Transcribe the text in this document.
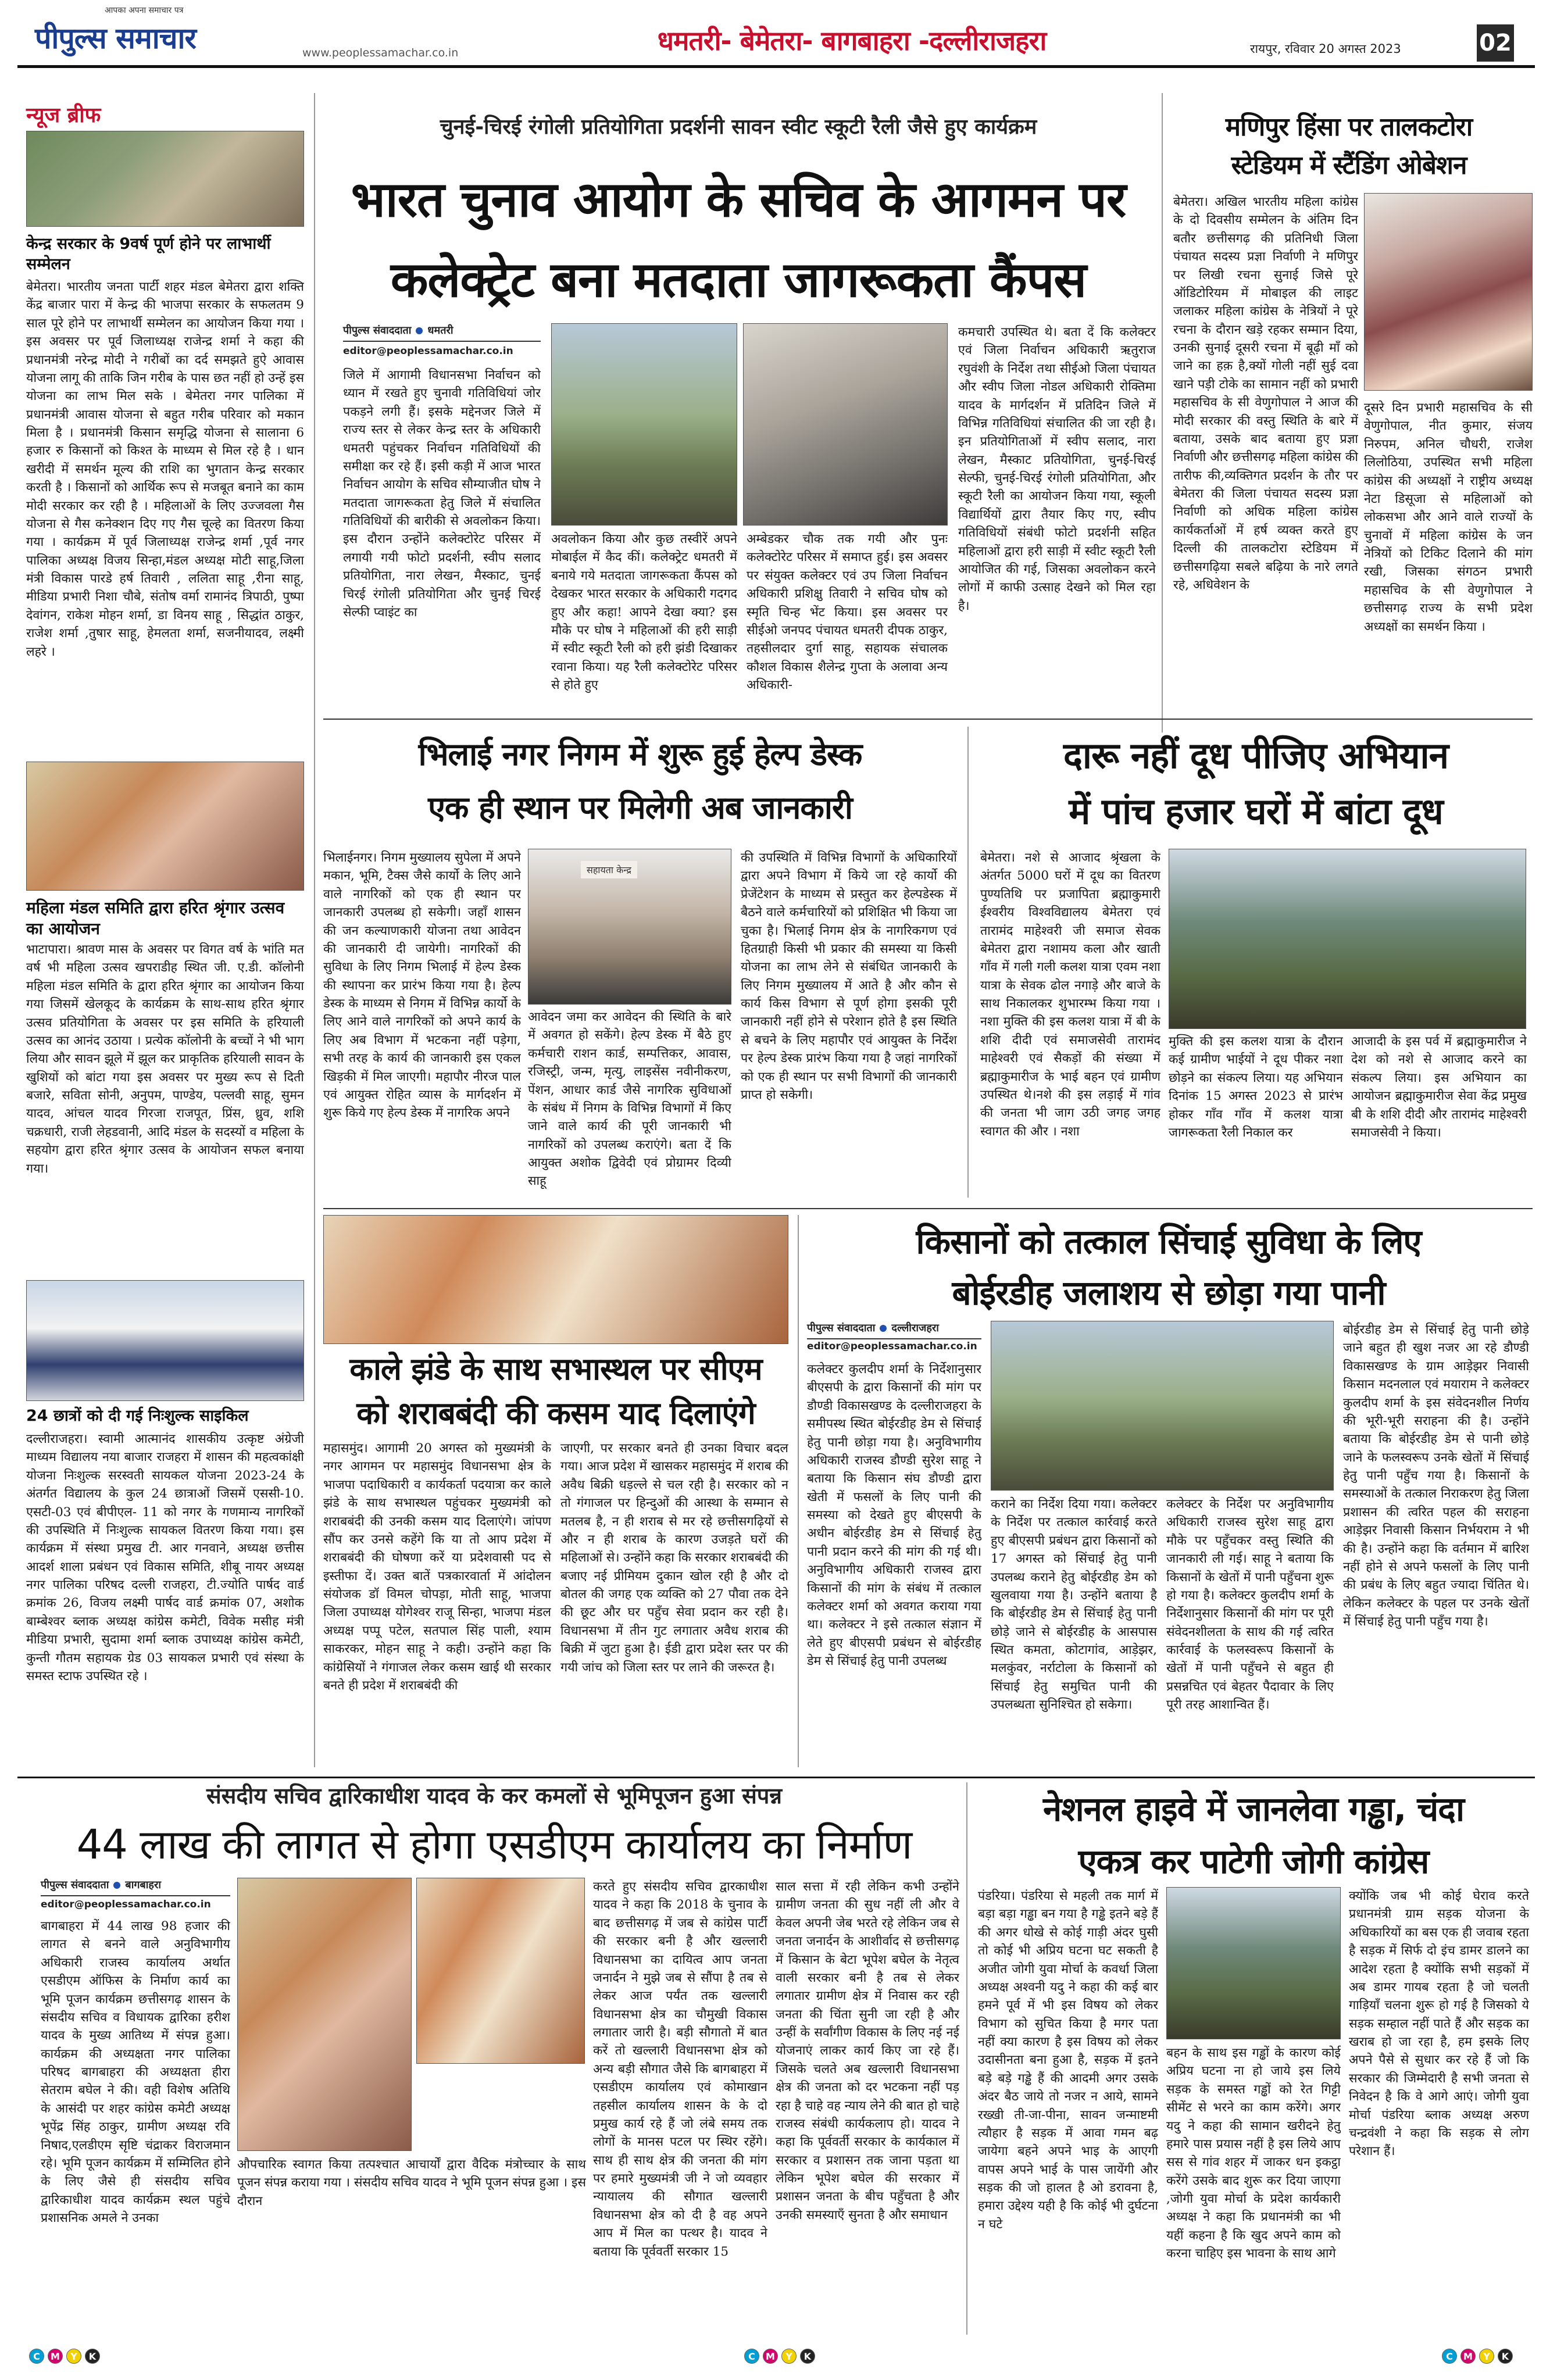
आपका अपना समाचार पत्र
पीपुल्स समाचार	www.peoplessamachar.co.in	धमतरी- बेमेतरा- बागबाहरा -दल्लीराजहरा	रायपुर, रविवार 20 अगस्त 2023	02
न्यूज ब्रीफ
केन्द्र सरकार के 9वर्ष पूर्ण होने पर लाभार्थी सम्मेलन
बेमेतरा। भारतीय जनता पार्टी शहर मंडल बेमेतरा द्वारा शक्ति केंद्र बाजार पारा में केन्द्र की भाजपा सरकार के सफलतम 9 साल पूरे होने पर लाभार्थी सम्मेलन का आयोजन किया गया । इस अवसर पर पूर्व जिलाध्यक्ष राजेन्द्र शर्मा ने कहा की प्रधानमंत्री नरेन्द्र मोदी ने गरीबों का दर्द समझते हुऐ आवास योजना लागू की ताकि जिन गरीब के पास छत नहीं हो उन्हें इस योजना का लाभ मिल सके । बेमेतरा नगर पालिका में प्रधानमंत्री आवास योजना से बहुत गरीब परिवार को मकान मिला है । प्रधानमंत्री किसान समृद्धि योजना से सालाना 6 हजार रु किसानों को किश्त के माध्यम से मिल रहे है । धान खरीदी में समर्थन मूल्य की राशि का भुगतान केन्द्र सरकार करती है । किसानों को आर्थिक रूप से मजबूत बनाने का काम मोदी सरकार कर रही है । महिलाओं के लिए उज्जवला गैस योजना से गैस कनेक्शन दिए गए गैस चूल्हे का वितरण किया गया । कार्यक्रम में पूर्व जिलाध्यक्ष राजेन्द्र शर्मा ,पूर्व नगर पालिका अध्यक्ष विजय सिन्हा,मंडल अध्यक्ष मोटी साहू,जिला मंत्री विकास पारडे हर्ष तिवारी , ललिता साहू ,रीना साहू, मीडिया प्रभारी निशा चौबे, संतोष वर्मा रामानंद त्रिपाठी, पुष्पा देवांगन, राकेश मोहन शर्मा, डा विनय साहू , सिद्धांत ठाकुर, राजेश शर्मा ,तुषार साहू, हेमलता शर्मा, सजनीयादव, लक्ष्मी लहरे ।
महिला मंडल समिति द्वारा हरित श्रृंगार उत्सव का आयोजन
भाटापारा। श्रावण मास के अवसर पर विगत वर्ष के भांति मत वर्ष भी महिला उत्सव खपराडीह स्थित जी. ए.डी. कॉलोनी महिला मंडल समिति के द्वारा हरित श्रृंगार का आयोजन किया गया जिसमें खेलकूद के कार्यक्रम के साथ-साथ हरित श्रृंगार उत्सव प्रतियोगिता के अवसर पर इस समिति के हरियाली उत्सव का आनंद उठाया । प्रत्येक कॉलोनी के बच्चों ने भी भाग लिया और सावन झूले में झूल कर प्राकृतिक हरियाली सावन के खुशियों को बांटा गया इस अवसर पर मुख्य रूप से दिती बजारे, सविता सोनी, अनुपम, पाण्डेय, पल्लवी साहू, सुमन यादव, आंचल यादव गिरजा राजपूत, प्रिंस, ध्रुव, शशि चक्रधारी, राजी लेहडवानी, आदि मंडल के सदस्यों व महिला के सहयोग द्वारा हरित श्रृंगार उत्सव के आयोजन सफल बनाया गया।
24 छात्रों को दी गई निःशुल्क साइकिल
दल्लीराजहरा। स्वामी आत्मानंद शासकीय उत्कृष्ट अंग्रेजी माध्यम विद्यालय नया बाजार राजहरा में शासन की महत्वकांक्षी योजना निःशुल्क सरस्वती सायकल योजना 2023-24 के अंतर्गत विद्यालय के कुल 24 छात्राओं जिसमें एससी-10. एसटी-03 एवं बीपीएल- 11 को नगर के गणमान्य नागरिकों की उपस्थिति में निःशुल्क सायकल वितरण किया गया। इस कार्यक्रम में संस्था प्रमुख टी. आर गनवाने, अध्यक्ष छत्तीस आदर्श शाला प्रबंधन एवं विकास समिति, शीबू नायर अध्यक्ष नगर पालिका परिषद दल्ली राजहरा, टी.ज्योति पार्षद वार्ड क्रमांक 26, विजय लक्ष्मी पार्षद वार्ड क्रमांक 07, अशोक बाम्बेश्वर ब्लाक अध्यक्ष कांग्रेस कमेटी, विवेक मसीह मंत्री मीडिया प्रभारी, सुदामा शर्मा ब्लाक उपाध्यक्ष कांग्रेस कमेटी, कुन्ती गौतम सहायक ग्रेड 03 सायकल प्रभारी एवं संस्था के समस्त स्टाफ उपस्थित रहे ।
चुनई-चिरई रंगोली प्रतियोगिता प्रदर्शनी सावन स्वीट स्कूटी रैली जैसे हुए कार्यक्रम
भारत चुनाव आयोग के सचिव के आगमन पर
कलेक्ट्रेट बना मतदाता जागरूकता कैंपस
पीपुल्स संवाददाता धमतरी
editor@peoplessamachar.co.in
जिले में आगामी विधानसभा निर्वाचन को ध्यान में रखते हुए चुनावी गतिविधियां जोर पकड़ने लगी हैं। इसके मद्देनजर जिले में राज्य स्तर से लेकर केन्द्र स्तर के अधिकारी धमतरी पहुंचकर निर्वाचन गतिविधियों की समीक्षा कर रहे हैं। इसी कड़ी में आज भारत निर्वाचन आयोग के सचिव सौम्याजीत घोष ने मतदाता जागरूकता हेतु जिले में संचालित गतिविधियों की बारीकी से अवलोकन किया। इस दौरान उन्होंने कलेक्टोरेट परिसर में लगायी गयी फोटो प्रदर्शनी, स्वीप सलाद प्रतियोगिता, नारा लेखन, मैस्काट, चुनई चिरई रंगोली प्रतियोगिता और चुनई चिरई सेल्फी प्वाइंट का
अवलोकन किया और कुछ तस्वीरें अपने मोबाईल में कैद कीं। कलेक्ट्रेट धमतरी में बनाये गये मतदाता जागरूकता कैंपस को देखकर भारत सरकार के अधिकारी गदगद हुए और कहा! आपने देखा क्या? इस मौके पर घोष ने महिलाओं की हरी साड़ी में स्वीट स्कूटी रैली को हरी झंडी दिखाकर रवाना किया। यह रैली कलेक्टोरेट परिसर से होते हुए
अम्बेडकर चौक तक गयी और पुनः कलेक्टोरेट परिसर में समाप्त हुई। इस अवसर पर संयुक्त कलेक्टर एवं उप जिला निर्वाचन अधिकारी प्रशिक्षु तिवारी ने सचिव घोष को स्मृति चिन्ह भेंट किया। इस अवसर पर सीईओ जनपद पंचायत धमतरी दीपक ठाकुर, तहसीलदार दुर्गा साहू, सहायक संचालक कौशल विकास शैलेन्द्र गुप्ता के अलावा अन्य अधिकारी-
कमचारी उपस्थित थे। बता दें कि कलेक्टर एवं जिला निर्वाचन अधिकारी ऋतुराज रघुवंशी के निर्देश तथा सीईओ जिला पंचायत और स्वीप जिला नोडल अधिकारी रोक्तिमा यादव के मार्गदर्शन में प्रतिदिन जिले में विभिन्न गतिविधियां संचालित की जा रही है। इन प्रतियोगिताओं में स्वीप सलाद, नारा लेखन, मैस्काट प्रतियोगिता, चुनई-चिरई सेल्फी, चुनई-चिरई रंगोली प्रतियोगिता, और स्कूटी रैली का आयोजन किया गया, स्कूली विद्यार्थियों द्वारा तैयार किए गए, स्वीप गतिविधियों संबंधी फोटो प्रदर्शनी सहित महिलाओं द्वारा हरी साड़ी में स्वीट स्कूटी रैली आयोजित की गई, जिसका अवलोकन करने लोगों में काफी उत्साह देखने को मिल रहा है।
मणिपुर हिंसा पर तालकटोरा
स्टेडियम में स्टैंडिंग ओबेशन
बेमेतरा। अखिल भारतीय महिला कांग्रेस के दो दिवसीय सम्मेलन के अंतिम दिन बतौर छत्तीसगढ़ की प्रतिनिधी जिला पंचायत सदस्य प्रज्ञा निर्वाणी ने मणिपुर पर लिखी रचना सुनाई जिसे पूरे ऑडिटोरियम में मोबाइल की लाइट जलाकर महिला कांग्रेस के नेत्रियों ने पूरे रचना के दौरान खड़े रहकर सम्मान दिया, उनकी सुनाई दूसरी रचना में बूढ़ी माँ को जाने का हक़ है,क्यों गोली नहीं सुई दवा खाने पड़ी टोके का सामान नहीं को प्रभारी महासचिव के सी वेणुगोपाल ने आज की मोदी सरकार की वस्तु स्थिति के बारे में बताया, उसके बाद बताया हुए प्रज्ञा निर्वाणी और छत्तीसगढ़ महिला कांग्रेस की तारीफ की,व्यक्तिगत प्रदर्शन के तौर पर बेमेतरा की जिला पंचायत सदस्य प्रज्ञा निर्वाणी को अधिक महिला कांग्रेस कार्यकर्ताओं में हर्ष व्यक्त करते हुए दिल्ली की तालकटोरा स्टेडियम में छत्तीसगढ़िया सबले बढ़िया के नारे लगते रहे, अधिवेशन के
दूसरे दिन प्रभारी महासचिव के सी वेणुगोपाल, नीत कुमार, संजय निरुपम, अनिल चौधरी, राजेश लिलोठिया, उपस्थित सभी महिला कांग्रेस की अध्यक्षों ने राष्ट्रीय अध्यक्ष नेटा डिसूजा से महिलाओं को लोकसभा और आने वाले राज्यों के चुनावों में महिला कांग्रेस के जन नेत्रियों को टिकिट दिलाने की मांग रखी, जिसका संगठन प्रभारी महासचिव के सी वेणुगोपाल ने छत्तीसगढ़ राज्य के सभी प्रदेश अध्यक्षों का समर्थन किया ।
भिलाई नगर निगम में शुरू हुई हेल्प डेस्क
एक ही स्थान पर मिलेगी अब जानकारी
भिलाईनगर। निगम मुख्यालय सुपेला में अपने मकान, भूमि, टैक्स जैसे कार्यो के लिए आने वाले नागरिकों को एक ही स्थान पर जानकारी उपलब्ध हो सकेगी। जहाँ शासन की जन कल्याणकारी योजना तथा आवेदन की जानकारी दी जायेगी। नागरिकों की सुविधा के लिए निगम भिलाई में हेल्प डेस्क की स्थापना कर प्रारंभ किया गया है। हेल्प डेस्क के माध्यम से निगम में विभिन्न कार्यो के लिए आने वाले नागरिकों को अपने कार्य के लिए अब विभाग में भटकना नहीं पड़ेगा, सभी तरह के कार्य की जानकारी इस एकल खिड़की में मिल जाएगी। महापौर नीरज पाल एवं आयुक्त रोहित व्यास के मार्गदर्शन में शुरू किये गए हेल्प डेस्क में नागरिक अपने
सहायता केन्द्र
आवेदन जमा कर आवेदन की स्थिति के बारे में अवगत हो सकेंगे। हेल्प डेस्क में बैठे हुए कर्मचारी राशन कार्ड, सम्पत्तिकर, आवास, रजिस्ट्री, जन्म, मृत्यु, लाइसेंस नवीनीकरण, पेंशन, आधार कार्ड जैसे नागरिक सुविधाओं के संबंध में निगम के विभिन्न विभागों में किए जाने वाले कार्य की पूरी जानकारी भी नागरिकों को उपलब्ध कराएंगे। बता दें कि आयुक्त अशोक द्विवेदी एवं प्रोग्रामर दिव्यी साहू
की उपस्थिति में विभिन्न विभागों के अधिकारियों द्वारा अपने विभाग में किये जा रहे कार्यो की प्रेजेंटेशन के माध्यम से प्रस्तुत कर हेल्पडेस्क में बैठने वाले कर्मचारियों को प्रशिक्षित भी किया जा चुका है। भिलाई निगम क्षेत्र के नागरिकगण एवं हितग्राही किसी भी प्रकार की समस्या या किसी योजना का लाभ लेने से संबंधित जानकारी के लिए निगम मुख्यालय में आते है और कौन से कार्य किस विभाग से पूर्ण होगा इसकी पूरी जानकारी नहीं होने से परेशान होते है इस स्थिति से बचने के लिए महापौर एवं आयुक्त के निर्देश पर हेल्प डेस्क प्रारंभ किया गया है जहां नागरिकों को एक ही स्थान पर सभी विभागों की जानकारी प्राप्त हो सकेगी।
दारू नहीं दूध पीजिए अभियान
में पांच हजार घरों में बांटा दूध
बेमेतरा। नशे से आजाद श्रृंखला के अंतर्गत 5000 घरों में दूध का वितरण पुण्यतिथि पर प्रजापिता ब्रह्माकुमारी ईश्वरीय विश्वविद्यालय बेमेतरा एवं तारामंद माहेश्वरी जी समाज सेवक बेमेतरा द्वारा नशामय कला और खाती गाँव में गली गली कलश यात्रा एवम नशा यात्रा के सेवक ढोल नगाड़े और बाजे के साथ निकालकर शुभारम्भ किया गया । नशा मुक्ति की इस कलश यात्रा में बी के शशि दीदी एवं समाजसेवी तारामंद माहेश्वरी एवं सैकड़ों की संख्या में ब्रह्माकुमारीज के भाई बहन एवं ग्रामीण उपस्थित थे।नशे की इस लड़ाई में गांव की जनता भी जाग उठी जगह जगह स्वागत की और । नशा
मुक्ति की इस कलश यात्रा के दौरान कई ग्रामीण भाईयों ने दूध पीकर नशा छोड़ने का संकल्प लिया। यह अभियान दिनांक 15 अगस्त 2023 से प्रारंभ होकर गाँव गाँव में कलश यात्रा जागरूकता रैली निकाल कर
आजादी के इस पर्व में ब्रह्माकुमारीज ने देश को नशे से आजाद करने का संकल्प लिया। इस अभियान का आयोजन ब्रह्माकुमारीज सेवा केंद्र प्रमुख बी के शशि दीदी और तारामंद माहेश्वरी समाजसेवी ने किया।
काले झंडे के साथ सभास्थल पर सीएम
को शराबबंदी की कसम याद दिलाएंगे
महासमुंद। आगामी 20 अगस्त को मुख्यमंत्री के नगर आगमन पर महासमुंद विधानसभा क्षेत्र के भाजपा पदाधिकारी व कार्यकर्ता पदयात्रा कर काले झंडे के साथ सभास्थल पहुंचकर मुख्यमंत्री को शराबबंदी की उनकी कसम याद दिलाएंगे। जांपण सौंप कर उनसे कहेंगे कि या तो आप प्रदेश में शराबबंदी की घोषणा करें या प्रदेशवासी पद से इस्तीफा दें। उक्त बातें पत्रकारवार्ता में आंदोलन संयोजक डॉ विमल चोपड़ा, मोती साहू, भाजपा जिला उपाध्यक्ष योगेश्वर राजू सिन्हा, भाजपा मंडल अध्यक्ष पप्पू पटेल, सतपाल सिंह पाली, श्याम साकरकर, मोहन साहू ने कही। उन्होंने कहा कि कांग्रेसियों ने गंगाजल लेकर कसम खाई थी सरकार बनते ही प्रदेश में शराबबंदी की
जाएगी, पर सरकार बनते ही उनका विचार बदल गया। आज प्रदेश में खासकर महासमुंद में शराब की अवैध बिक्री धड़ल्ले से चल रही है। सरकार को न तो गंगाजल पर हिन्दुओं की आस्था के सम्मान से मतलब है, न ही शराब से मर रहे छत्तीसगढ़ियों से और न ही शराब के कारण उजड़ते घरों की महिलाओं से। उन्होंने कहा कि सरकार शराबबंदी की बजाए नई प्रीमियम दुकान खोल रही है और दो बोतल की जगह एक व्यक्ति को 27 पौवा तक देने की छूट और घर पहुँच सेवा प्रदान कर रही है। विधानसभा में तीन गुट लगातार अवैध शराब की बिक्री में जुटा हुआ है। ईडी द्वारा प्रदेश स्तर पर की गयी जांच को जिला स्तर पर लाने की जरूरत है।
किसानों को तत्काल सिंचाई सुविधा के लिए
बोईरडीह जलाशय से छोड़ा गया पानी
पीपुल्स संवाददाता दल्लीराजहरा
editor@peoplessamachar.co.in
कलेक्टर कुलदीप शर्मा के निर्देशानुसार बीएसपी के द्वारा किसानों की मांग पर डौण्डी विकासखण्ड के दल्लीराजहरा के समीपस्थ स्थित बोईरडीह डेम से सिंचाई हेतु पानी छोड़ा गया है। अनुविभागीय अधिकारी राजस्व डौण्डी सुरेश साहू ने बताया कि किसान संघ डौण्डी द्वारा खेती में फसलों के लिए पानी की समस्या को देखते हुए बीएसपी के अधीन बोईरडीह डेम से सिंचाई हेतु पानी प्रदान करने की मांग की गई थी। अनुविभागीय अधिकारी राजस्व द्वारा किसानों की मांग के संबंध में तत्काल कलेक्टर शर्मा को अवगत कराया गया था। कलेक्टर ने इसे तत्काल संज्ञान में लेते हुए बीएसपी प्रबंधन से बोईरडीह डेम से सिंचाई हेतु पानी उपलब्ध
कराने का निर्देश दिया गया। कलेक्टर के निर्देश पर तत्काल कार्रवाई करते हुए बीएसपी प्रबंधन द्वारा किसानों को 17 अगस्त को सिंचाई हेतु पानी उपलब्ध कराने हेतु बोईरडीह डेम को खुलवाया गया है। उन्होंने बताया है कि बोईरडीह डेम से सिंचाई हेतु पानी छोड़े जाने से बोईरडीह के आसपास स्थित कमता, कोटागांव, आड़ेझर, मलकुंवर, नर्राटोला के किसानों को सिंचाई हेतु समुचित पानी की उपलब्धता सुनिश्चित हो सकेगा।
कलेक्टर के निर्देश पर अनुविभागीय अधिकारी राजस्व सुरेश साहू द्वारा मौके पर पहुँचकर वस्तु स्थिति की जानकारी ली गई। साहू ने बताया कि किसानों के खेतों में पानी पहुँचना शुरू हो गया है। कलेक्टर कुलदीप शर्मा के निर्देशानुसार किसानों की मांग पर पूरी संवेदनशीलता के साथ की गई त्वरित कार्रवाई के फलस्वरूप किसानों के खेतों में पानी पहुँचने से बहुत ही प्रसन्नचित एवं बेहतर पैदावार के लिए पूरी तरह आशान्वित हैं।
बोईरडीह डेम से सिंचाई हेतु पानी छोड़े जाने बहुत ही खुश नजर आ रहे डौण्डी विकासखण्ड के ग्राम आड़ेझर निवासी किसान मदनलाल एवं मयाराम ने कलेक्टर कुलदीप शर्मा के इस संवेदनशील निर्णय की भूरी-भूरी सराहना की है। उन्होंने बताया कि बोईरडीह डेम से पानी छोड़े जाने के फलस्वरूप उनके खेतों में सिंचाई हेतु पानी पहुँच गया है। किसानों के समस्याओं के तत्काल निराकरण हेतु जिला प्रशासन की त्वरित पहल की सराहना आड़ेझर निवासी किसान निर्भयराम ने भी की है। उन्होंने कहा कि वर्तमान में बारिश नहीं होने से अपने फसलों के लिए पानी की प्रबंध के लिए बहुत ज्यादा चिंतित थे। लेकिन कलेक्टर के पहल पर उनके खेतों में सिंचाई हेतु पानी पहुँच गया है।
संसदीय सचिव द्वारिकाधीश यादव के कर कमलों से भूमिपूजन हुआ संपन्न
44 लाख की लागत से होगा एसडीएम कार्यालय का निर्माण
पीपुल्स संवाददाता बागबाहरा
editor@peoplessamachar.co.in
बागबाहरा में 44 लाख 98 हजार की लागत से बनने वाले अनुविभागीय अधिकारी राजस्व कार्यालय अर्थात एसडीएम ऑफिस के निर्माण कार्य का भूमि पूजन कार्यक्रम छत्तीसगढ़ शासन के संसदीय सचिव व विधायक द्वारिका हरीश यादव के मुख्य आतिथ्य में संपन्न हुआ। कार्यक्रम की अध्यक्षता नगर पालिका परिषद बागबाहरा की अध्यक्षता हीरा सेतराम बघेल ने की। वही विशेष अतिथि के आसंदी पर शहर कांग्रेस कमेटी अध्यक्ष भूपेंद्र सिंह ठाकुर, ग्रामीण अध्यक्ष रवि निषाद,एलडीएम सृष्टि चंद्राकर विराजमान रहे। भूमि पूजन कार्यक्रम में सम्मिलित होने के लिए जैसे ही संसदीय सचिव द्वारिकाधीश यादव कार्यक्रम स्थल पहुंचे प्रशासनिक अमले ने उनका
औपचारिक स्वागत किया तत्पश्चात आचार्यों द्वारा वैदिक मंत्रोच्चार के साथ पूजन संपन्न कराया गया । संसदीय सचिव यादव ने भूमि पूजन संपन्न हुआ । इस दौरान
करते हुए संसदीय सचिव द्वारकाधीश यादव ने कहा कि 2018 के चुनाव के बाद छत्तीसगढ़ में जब से कांग्रेस पार्टी की सरकार बनी है और खल्लारी विधानसभा का दायित्व आप जनता जनार्दन ने मुझे जब से सौंपा है तब से लेकर आज पर्यंत तक खल्लारी विधानसभा क्षेत्र का चौमुखी विकास लगातार जारी है। बड़ी सौगातो में बात करें तो खल्लारी विधानसभा क्षेत्र को अन्य बड़ी सौगात जैसे कि बागबाहरा में एसडीएम कार्यालय एवं कोमाखान तहसील कार्यालय शासन के के दो प्रमुख कार्य रहे हैं जो लंबे समय तक लोगों के मानस पटल पर स्थिर रहेंगे। साथ ही साथ क्षेत्र की जनता की मांग पर हमारे मुख्यमंत्री जी ने जो व्यवहार न्यायालय की सौगात खल्लारी विधानसभा क्षेत्र को दी है वह अपने आप में मिल का पत्थर है। यादव ने बताया कि पूर्ववर्ती सरकार 15
साल सत्ता में रही लेकिन कभी उन्होंने ग्रामीण जनता की सुध नहीं ली और वे केवल अपनी जेब भरते रहे लेकिन जब से जनता जनार्दन के आशीर्वाद से छत्तीसगढ़ में किसान के बेटा भूपेश बघेल के नेतृत्व वाली सरकार बनी है तब से लेकर लगातार ग्रामीण क्षेत्र में निवास कर रही जनता की चिंता सुनी जा रही है और उन्हीं के सर्वांगीण विकास के लिए नई नई योजनाएं लाकर कार्य किए जा रहे हैं। जिसके चलते अब खल्लारी विधानसभा क्षेत्र की जनता को दर भटकना नहीं पड़ रहा है चाहे वह न्याय लेने की बात हो चाहे राजस्व संबंधी कार्यकलाप हो। यादव ने कहा कि पूर्ववर्ती सरकार के कार्यकाल में सरकार व प्रशासन तक जाना पड़ता था लेकिन भूपेश बघेल की सरकार में प्रशासन जनता के बीच पहुँचता है और उनकी समस्याएँ सुनता है और समाधान
नेशनल हाइवे में जानलेवा गड्ढा, चंदा
एकत्र कर पाटेगी जोगी कांग्रेस
पंडरिया। पंडरिया से महली तक मार्ग में बड़ा बड़ा गड्ढा बन गया है गड्ढे इतने बड़े हैं की अगर धोखे से कोई गाड़ी अंदर घुसी तो कोई भी अप्रिय घटना घट सकती है अजीत जोगी युवा मोर्चा के कवर्धा जिला अध्यक्ष अश्वनी यदु ने कहा की कई बार हमने पूर्व में भी इस विषय को लेकर विभाग को सुचित किया है मगर पता नहीं क्या कारण है इस विषय को लेकर उदासीनता बना हुआ है, सड़क में इतने बड़े बड़े गड्ढे हैं की आदमी अगर उसके अंदर बैठ जाये तो नजर न आये, सामने रख्खी ती-जा-पीना, सावन जन्माष्टमी त्यौहार है सड़क में आवा गमन बढ़ जायेगा बहने अपने भाइ के आएगी वापस अपने भाई के पास जायेंगी और सड़क की जो हालत है ओ डरावना है, हमारा उद्देश्य यही है कि कोई भी दुर्घटना न घटे
बहन के साथ इस गड्ढों के कारण कोई अप्रिय घटना ना हो जाये इस लिये सड़क के समस्त गड्ढों को रेत गिट्टी सीमेंट से भरने का काम करेंगे। अगर यदु ने कहा की सामान खरीदने हेतु हमारे पास प्रयास नहीं है इस लिये आप सस से गांव शहर में जाकर धन इकट्ठा करेंगे उसके बाद शुरू कर दिया जाएगा ,जोगी युवा मोर्चा के प्रदेश कार्यकारी अध्यक्ष ने कहा कि प्रधानमंत्री का भी यहीं कहना है कि खुद अपने काम को करना चाहिए इस भावना के साथ आगे
क्योंकि जब भी कोई घेराव करते प्रधानमंत्री ग्राम सड़क योजना के अधिकारियों का बस एक ही जवाब रहता है सड़क में सिर्फ दो इंच डामर डालने का आदेश रहता है क्योंकि सभी सड़कों में अब डामर गायब रहता है जो चलती गाड़ियाँ चलना शुरू हो गई है जिसको ये सड़क सम्हाल नहीं पाते हैं और सड़क का खराब हो जा रहा है, हम इसके लिए अपने पैसे से सुधार कर रहे हैं जो कि सरकार की जिम्मेदारी है सभी जनता से निवेदन है कि वे आगे आएं। जोगी युवा मोर्चा पंडरिया ब्लाक अध्यक्ष अरुण चन्द्रवंशी ने कहा कि सड़क से लोग परेशान हैं।
C	M	Y	K	C	M	Y	K	C	M	Y	K
